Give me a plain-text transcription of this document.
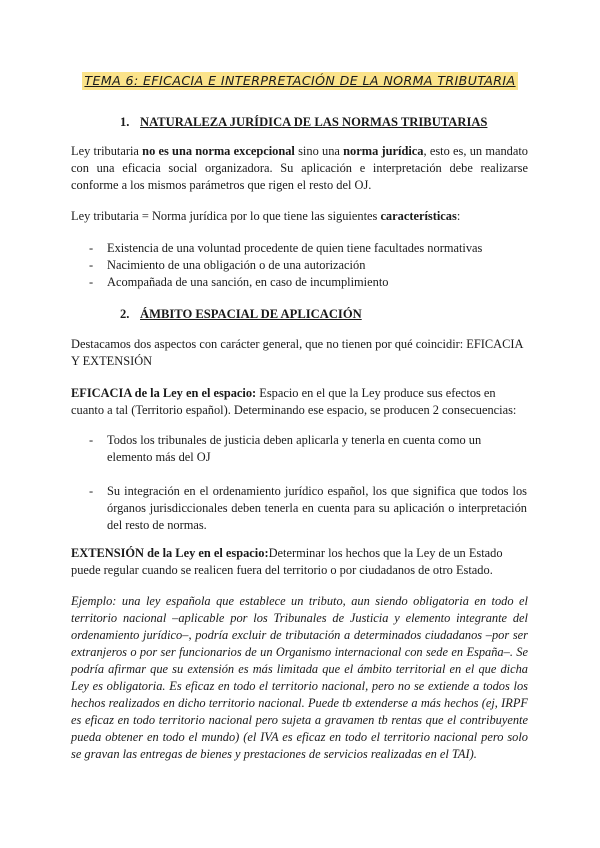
TEMA 6: EFICACIA E INTERPRETACIÓN DE LA NORMA TRIBUTARIA
1. NATURALEZA JURÍDICA DE LAS NORMAS TRIBUTARIAS

Ley tributaria no es una norma excepcional sino una norma jurídica, esto es, un mandato con una eficacia social organizadora. Su aplicación e interpretación debe realizarse conforme a los mismos parámetros que rigen el resto del OJ.

Ley tributaria = Norma jurídica por lo que tiene las siguientes características:

- Existencia de una voluntad procedente de quien tiene facultades normativas
- Nacimiento de una obligación o de una autorización
- Acompañada de una sanción, en caso de incumplimiento
2. ÁMBITO ESPACIAL DE APLICACIÓN

Destacamos dos aspectos con carácter general, que no tienen por qué coincidir: EFICACIA Y EXTENSIÓN

EFICACIA de la Ley en el espacio: Espacio en el que la Ley produce sus efectos en cuanto a tal (Territorio español). Determinando ese espacio, se producen 2 consecuencias:

- Todos los tribunales de justicia deben aplicarla y tenerla en cuenta como un elemento más del OJ
- Su integración en el ordenamiento jurídico español, los que significa que todos los órganos jurisdiccionales deben tenerla en cuenta para su aplicación o interpretación del resto de normas.

EXTENSIÓN de la Ley en el espacio:Determinar los hechos que la Ley de un Estado puede regular cuando se realicen fuera del territorio o por ciudadanos de otro Estado.

Ejemplo: una ley española que establece un tributo, aun siendo obligatoria en todo el territorio nacional –aplicable por los Tribunales de Justicia y elemento integrante del ordenamiento jurídico–, podría excluir de tributación a determinados ciudadanos –por ser extranjeros o por ser funcionarios de un Organismo internacional con sede en España–. Se podría afirmar que su extensión es más limitada que el ámbito territorial en el que dicha Ley es obligatoria. Es eficaz en todo el territorio nacional, pero no se extiende a todos los hechos realizados en dicho territorio nacional. Puede tb extenderse a más hechos (ej, IRPF es eficaz en todo territorio nacional pero sujeta a gravamen tb rentas que el contribuyente pueda obtener en todo el mundo) (el IVA es eficaz en todo el territorio nacional pero solo se gravan las entregas de bienes y prestaciones de servicios realizadas en el TAI).
